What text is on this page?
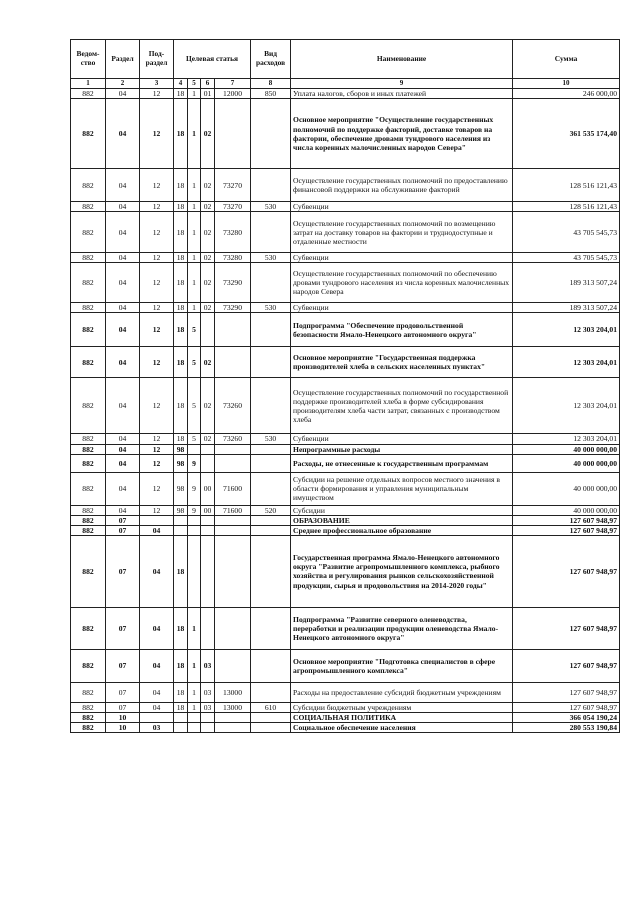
Ведом-ство	Раздел	Под-раздел	Целевая статья				Вид расходов	Наименование	Сумма
1	2	3	4	5	6	7	8	9	10
882	04	12	18	1	01	12000	850	Уплата налогов, сборов и иных платежей	246 000,00
882	04	12	18	1	02			Основное мероприятие "Осуществление государственных полномочий по поддержке факторий, доставке товаров на фактории, обеспечение дровами тундрового населения из числа коренных малочисленных народов Севера"	361 535 174,40
882	04	12	18	1	02	73270		Осуществление государственных полномочий по предоставлению финансовой поддержки на обслуживание факторий	128 516 121,43
882	04	12	18	1	02	73270	530	Субвенции	128 516 121,43
882	04	12	18	1	02	73280		Осуществление государственных полномочий по возмещению затрат на доставку товаров на фактории и труднодоступные и отдаленные местности	43 705 545,73
882	04	12	18	1	02	73280	530	Субвенции	43 705 545,73
882	04	12	18	1	02	73290		Осуществление государственных полномочий по обеспечению дровами тундрового населения из числа коренных малочисленных народов Севера	189 313 507,24
882	04	12	18	1	02	73290	530	Субвенции	189 313 507,24
882	04	12	18	5				Подпрограмма "Обеспечение продовольственной безопасности Ямало-Ненецкого автономного округа"	12 303 204,01
882	04	12	18	5	02			Основное мероприятие "Государственная поддержка производителей хлеба в сельских населенных пунктах"	12 303 204,01
882	04	12	18	5	02	73260		Осуществление государственных полномочий по государственной поддержке производителей хлеба в форме субсидирования производителям хлеба части затрат, связанных с производством хлеба	12 303 204,01
882	04	12	18	5	02	73260	530	Субвенции	12 303 204,01
882	04	12	98					Непрограммные расходы	40 000 000,00
882	04	12	98	9				Расходы, не отнесенные к государственным программам	40 000 000,00
882	04	12	98	9	00	71600		Субсидии на решение отдельных вопросов местного значения в области формирования и управления муниципальным имуществом	40 000 000,00
882	04	12	98	9	00	71600	520	Субсидии	40 000 000,00
882	07							ОБРАЗОВАНИЕ	127 607 948,97
882	07	04						Среднее профессиональное образование	127 607 948,97
882	07	04	18					Государственная программа Ямало-Ненецкого автономного округа "Развитие агропромышленного комплекса, рыбного хозяйства и регулирования рынков сельскохозяйственной продукции, сырья и продовольствия на 2014-2020 годы"	127 607 948,97
882	07	04	18	1				Подпрограмма "Развитие северного оленеводства, переработки и реализации продукции оленеводства Ямало-Ненецкого автономного округа"	127 607 948,97
882	07	04	18	1	03			Основное мероприятие "Подготовка специалистов в сфере агропромышленного комплекса"	127 607 948,97
882	07	04	18	1	03	13000		Расходы на предоставление субсидий бюджетным учреждениям	127 607 948,97
882	07	04	18	1	03	13000	610	Субсидии бюджетным учреждениям	127 607 948,97
882	10							СОЦИАЛЬНАЯ ПОЛИТИКА	366 054 190,24
882	10	03						Социальное обеспечение населения	280 553 190,84
